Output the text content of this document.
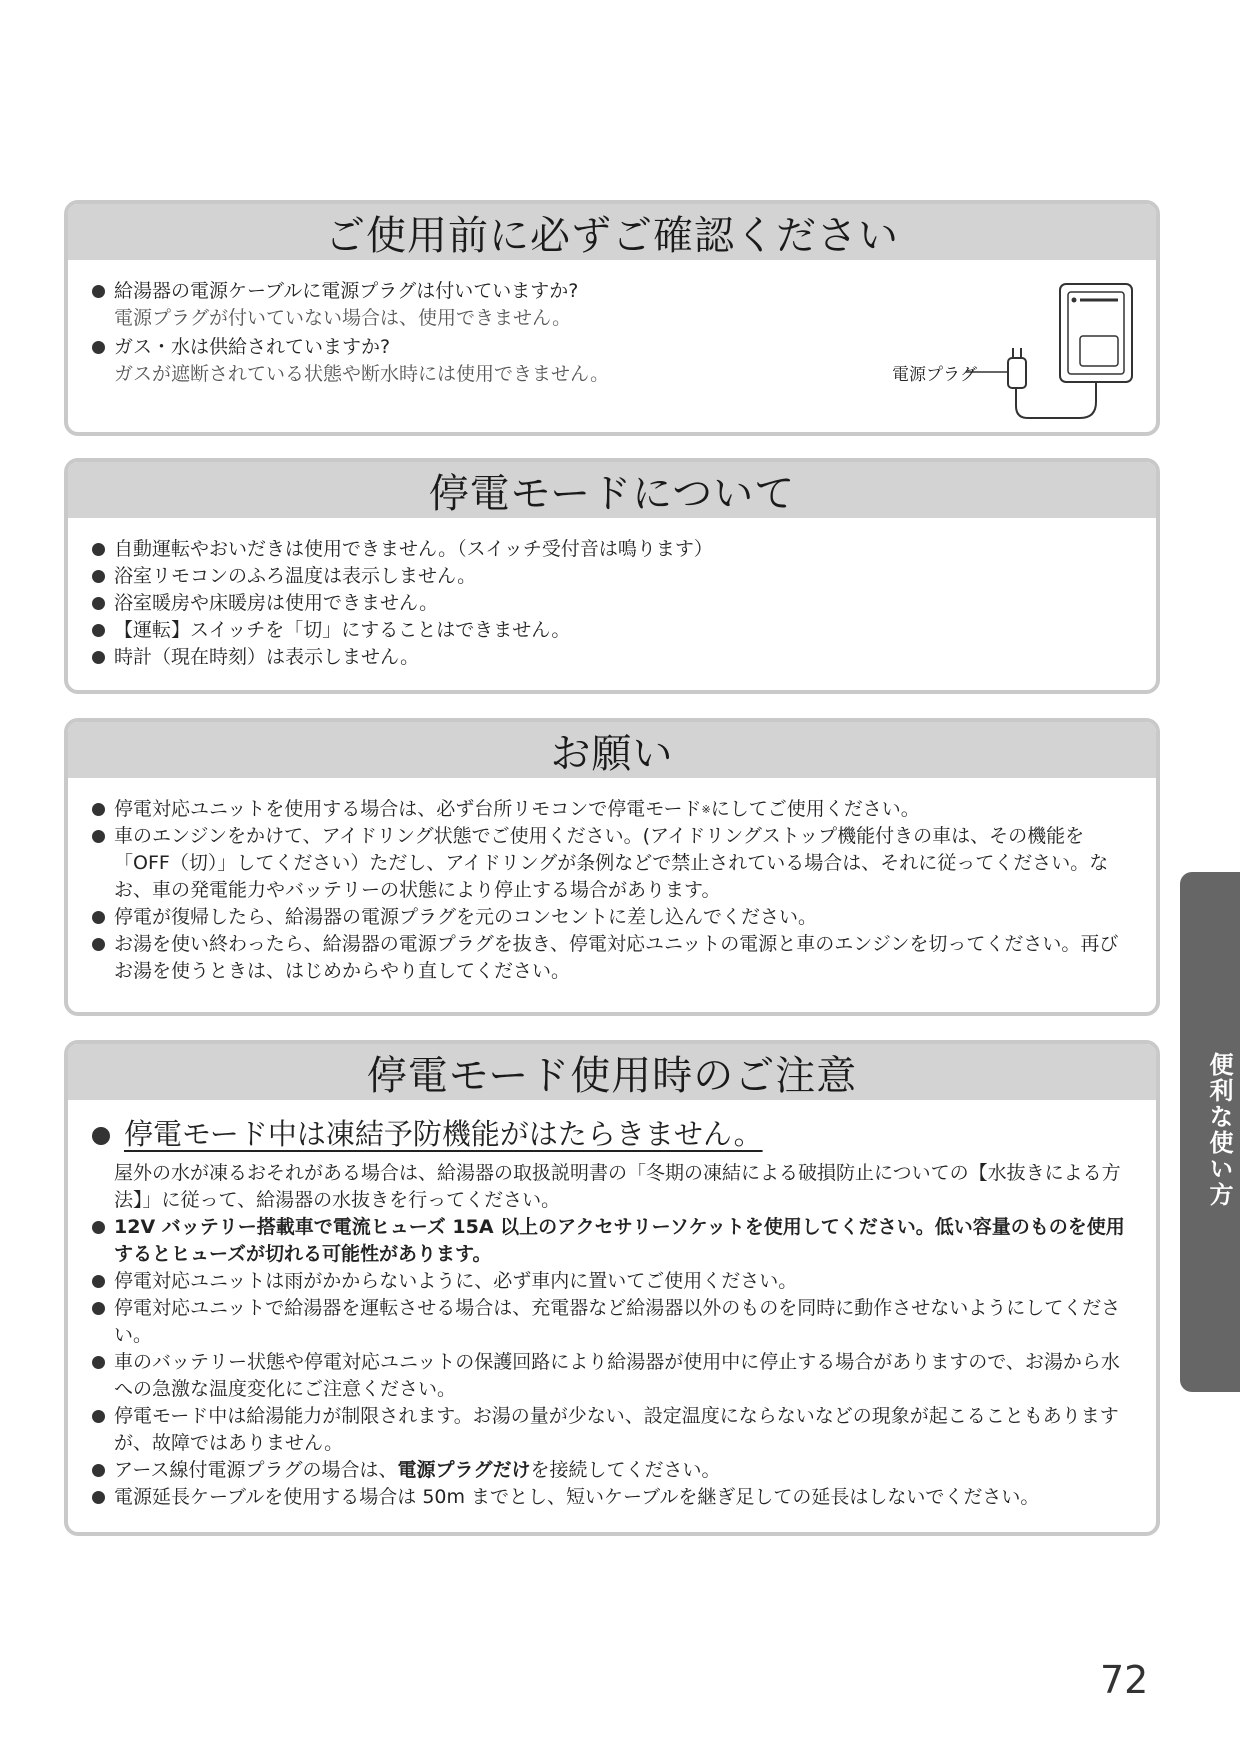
ご使用前に必ずご確認ください

給湯器の電源ケーブルに電源プラグは付いていますか?

電源プラグが付いていない場合は、使用できません。

ガス・水は供給されていますか?

ガスが遮断されている状態や断水時には使用できません。	電源プラグ
停電モードについて

自動運転やおいだきは使用できません。（スイッチ受付音は鳴ります）

浴室リモコンのふろ温度は表示しません。

浴室暖房や床暖房は使用できません。

【運転】スイッチを「切」にすることはできません。

時計（現在時刻）は表示しません。

お願い

停電対応ユニットを使用する場合は、必ず台所リモコンで停電モード※にしてご使用ください。

車のエンジンをかけて、アイドリング状態でご使用ください。(アイドリングストップ機能付きの車は、その機能を「OFF（切）」してください）ただし、アイドリングが条例などで禁止されている場合は、それに従ってください。なお、車の発電能力やバッテリーの状態により停止する場合があります。

停電が復帰したら、給湯器の電源プラグを元のコンセントに差し込んでください。

お湯を使い終わったら、給湯器の電源プラグを抜き、停電対応ユニットの電源と車のエンジンを切ってください。再びお湯を使うときは、はじめからやり直してください。

停電モード使用時のご注意

停電モード中は凍結予防機能がはたらきません。

屋外の水が凍るおそれがある場合は、給湯器の取扱説明書の「冬期の凍結による破損防止についての【水抜きによる方法】」に従って、給湯器の水抜きを行ってください。

12V バッテリー搭載車で電流ヒューズ 15A 以上のアクセサリーソケットを使用してください。低い容量のものを使用するとヒューズが切れる可能性があります。

停電対応ユニットは雨がかからないように、必ず車内に置いてご使用ください。

停電対応ユニットで給湯器を運転させる場合は、充電器など給湯器以外のものを同時に動作させないようにしてください。

車のバッテリー状態や停電対応ユニットの保護回路により給湯器が使用中に停止する場合がありますので、お湯から水への急激な温度変化にご注意ください。

停電モード中は給湯能力が制限されます。お湯の量が少ない、設定温度にならないなどの現象が起こることもありますが、故障ではありません。

アース線付電源プラグの場合は、電源プラグだけを接続してください。

電源延長ケーブルを使用する場合は 50m までとし、短いケーブルを継ぎ足しての延長はしないでください。

便利な使い方
72
